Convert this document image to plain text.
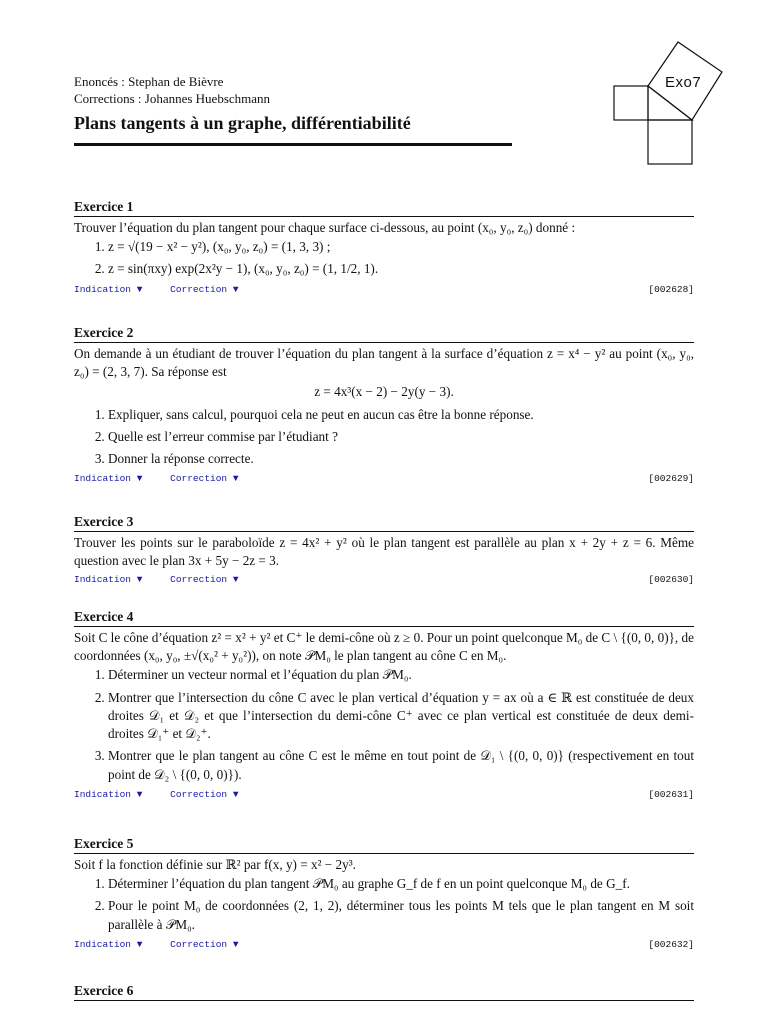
Enoncés : Stephan de Bièvre
Corrections : Johannes Huebschmann
Plans tangents à un graphe, différentiabilité
Exo7
Exercice 1

Trouver l’équation du plan tangent pour chaque surface ci-dessous, au point (x₀, y₀, z₀) donné :

1. z = √(19 − x² − y²), (x₀, y₀, z₀) = (1, 3, 3) ;
2. z = sin(πxy) exp(2x²y − 1), (x₀, y₀, z₀) = (1, 1/2, 1).
Indication ▼	Correction ▼	[002628]
Exercice 2

On demande à un étudiant de trouver l’équation du plan tangent à la surface d’équation z = x⁴ − y² au point (x₀, y₀, z₀) = (2, 3, 7). Sa réponse est

z = 4x³(x − 2) − 2y(y − 3).
1. Expliquer, sans calcul, pourquoi cela ne peut en aucun cas être la bonne réponse.
2. Quelle est l’erreur commise par l’étudiant ?
3. Donner la réponse correcte.
Indication ▼	Correction ▼	[002629]
Exercice 3

Trouver les points sur le paraboloïde z = 4x² + y² où le plan tangent est parallèle au plan x + 2y + z = 6. Même question avec le plan 3x + 5y − 2z = 3.

Indication ▼	Correction ▼	[002630]
Exercice 4

Soit C le cône d’équation z² = x² + y² et C⁺ le demi-cône où z ≥ 0. Pour un point quelconque M₀ de C \ {(0, 0, 0)}, de coordonnées (x₀, y₀, ±√(x₀² + y₀²)), on note 𝒫M₀ le plan tangent au cône C en M₀.

1. Déterminer un vecteur normal et l’équation du plan 𝒫M₀.
2. Montrer que l’intersection du cône C avec le plan vertical d’équation y = ax où a ∈ ℝ est constituée de deux droites 𝒟₁ et 𝒟₂ et que l’intersection du demi-cône C⁺ avec ce plan vertical est constituée de deux demi-droites 𝒟₁⁺ et 𝒟₂⁺.
3. Montrer que le plan tangent au cône C est le même en tout point de 𝒟₁ \ {(0, 0, 0)} (respectivement en tout point de 𝒟₂ \ {(0, 0, 0)}).
Indication ▼	Correction ▼	[002631]
Exercice 5

Soit f la fonction définie sur ℝ² par f(x, y) = x² − 2y³.

1. Déterminer l’équation du plan tangent 𝒫M₀ au graphe G_f de f en un point quelconque M₀ de G_f.
2. Pour le point M₀ de coordonnées (2, 1, 2), déterminer tous les points M tels que le plan tangent en M soit parallèle à 𝒫M₀.
Indication ▼	Correction ▼	[002632]
Exercice 6
